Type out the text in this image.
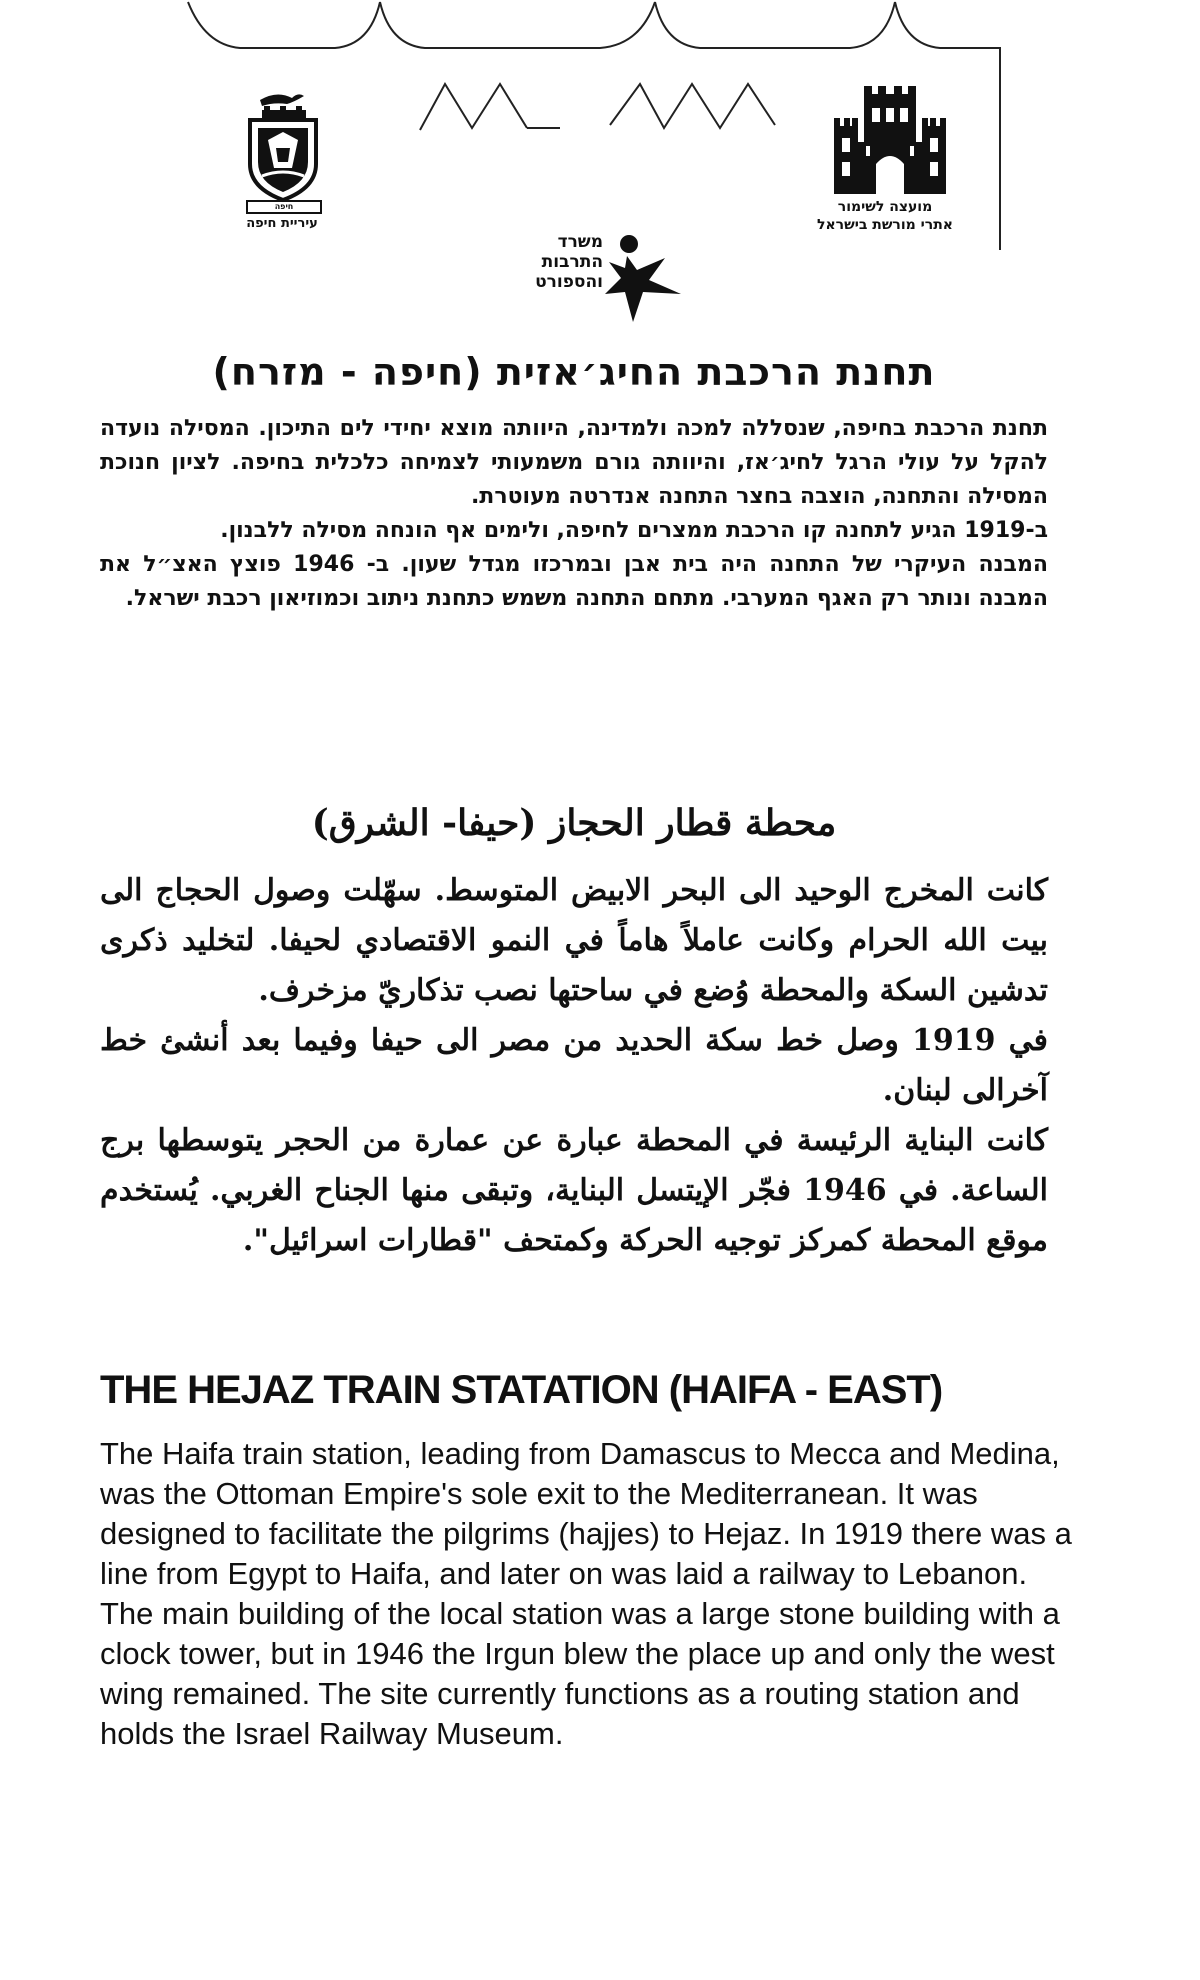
חיפה
עיריית חיפה
מועצה לשימור
אתרי מורשת בישראל
משרד
התרבות
והספורט
תחנת הרכבת החיג׳אזית (חיפה - מזרח)

תחנת הרכבת בחיפה, שנסללה למכה ולמדינה, היוותה מוצא יחידי לים התיכון. המסילה נועדה להקל על עולי הרגל לחיג׳אז, והיוותה גורם משמעותי לצמיחה כלכלית בחיפה. לציון חנוכת המסילה והתחנה, הוצבה בחצר התחנה אנדרטה מעוטרת.

ב-1919 הגיע לתחנה קו הרכבת ממצרים לחיפה, ולימים אף הונחה מסילה ללבנון.

המבנה העיקרי של התחנה היה בית אבן ובמרכזו מגדל שעון. ב- 1946 פוצץ האצ״ל את המבנה ונותר רק האגף המערבי. מתחם התחנה משמש כתחנת ניתוב וכמוזיאון רכבת ישראל.

محطة قطار الحجاز (حيفا- الشرق)

كانت المخرج الوحيد الى البحر الابيض المتوسط. سهّلت وصول الحجاج الى بيت الله الحرام وكانت عاملاً هاماً في النمو الاقتصادي لحيفا. لتخليد ذكرى تدشين السكة والمحطة وُضع في ساحتها نصب تذكاريّ مزخرف.

في 1919 وصل خط سكة الحديد من مصر الى حيفا وفيما بعد أنشئ خط آخرالى لبنان.

كانت البناية الرئيسة في المحطة عبارة عن عمارة من الحجر يتوسطها برج الساعة. في 1946 فجّر الإيتسل البناية، وتبقى منها الجناح الغربي. يُستخدم موقع المحطة كمركز توجيه الحركة وكمتحف "قطارات اسرائيل".

THE HEJAZ TRAIN STATATION (HAIFA - EAST)

The Haifa train station, leading from Damascus to Mecca and Medina, was the Ottoman Empire's sole exit to the Mediterranean. It was designed to facilitate the pilgrims (hajjes) to Hejaz. In 1919 there was a line from Egypt to Haifa, and later on was laid a railway to Lebanon.

The main building of the local station was a large stone building with a clock tower, but in 1946 the Irgun blew the place up and only the west wing remained. The site currently functions as a routing station and holds the Israel Railway Museum.
